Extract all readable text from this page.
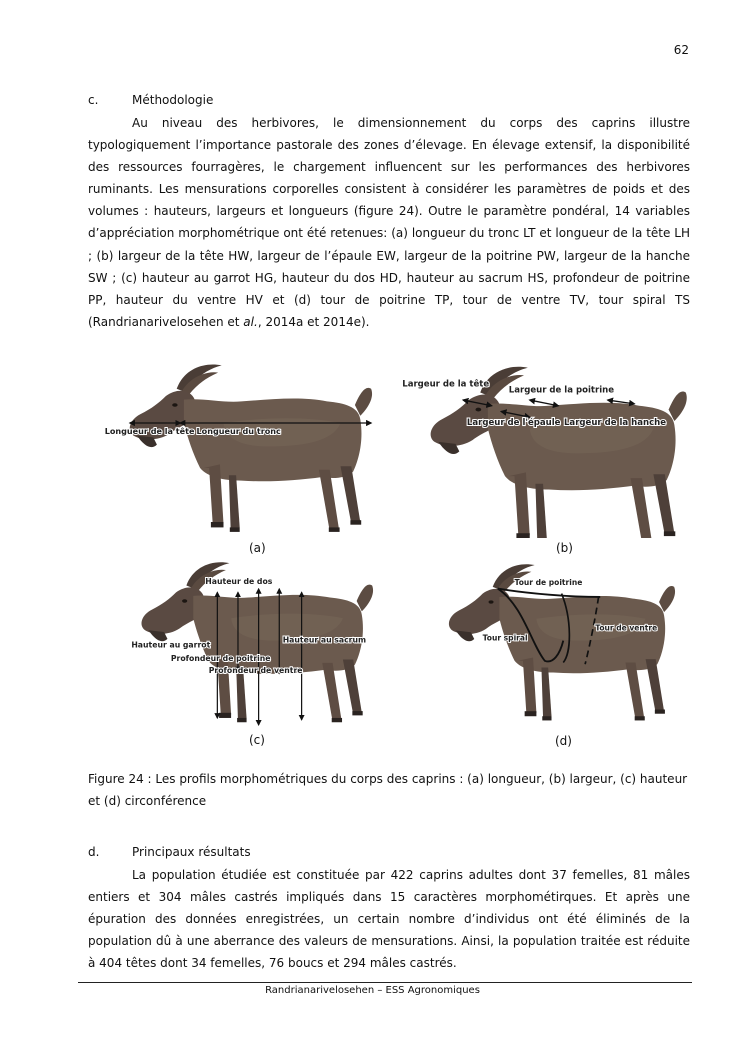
62
c.	Méthodologie

Au niveau des herbivores, le dimensionnement du corps des caprins illustre typologiquement l’importance pastorale des zones d’élevage. En élevage extensif, la disponibilité des ressources fourragères, le chargement influencent sur les performances des herbivores ruminants. Les mensurations corporelles consistent à considérer les paramètres de poids et des volumes : hauteurs, largeurs et longueurs (figure 24). Outre le paramètre pondéral, 14 variables d’appréciation morphométrique ont été retenues: (a) longueur du tronc LT et longueur de la tête LH ; (b) largeur de la tête HW, largeur de l’épaule EW, largeur de la poitrine PW, largeur de la hanche SW ; (c) hauteur au garrot HG, hauteur du dos HD, hauteur au sacrum HS, profondeur de poitrine PP, hauteur du ventre HV et (d) tour de poitrine TP, tour de ventre TV, tour spiral TS (Randrianarivelosehen et al., 2014a et 2014e).

Longueur de la tête Longueur du tronc
(a)
Largeur de la tête
Largeur de la poitrine
Largeur de l'épaule Largeur de la hanche
(b)
Hauteur de dos
Hauteur au garrot
Hauteur au sacrum
Profondeur de poitrine
Profondeur de ventre
(c)
Tour de poitrine
Tour spiral
Tour de ventre
(d)

Figure 24 : Les profils morphométriques du corps des caprins : (a) longueur, (b) largeur, (c) hauteur et (d) circonférence

d.	Principaux résultats

La population étudiée est constituée par 422 caprins adultes dont 37 femelles, 81 mâles entiers et 304 mâles castrés impliqués dans 15 caractères morphométirques. Et après une épuration des données enregistrées, un certain nombre d’individus ont été éliminés de la population dû à une aberrance des valeurs de mensurations. Ainsi, la population traitée est réduite à 404 têtes dont 34 femelles, 76 boucs et 294 mâles castrés.

Randrianarivelosehen – ESS Agronomiques
